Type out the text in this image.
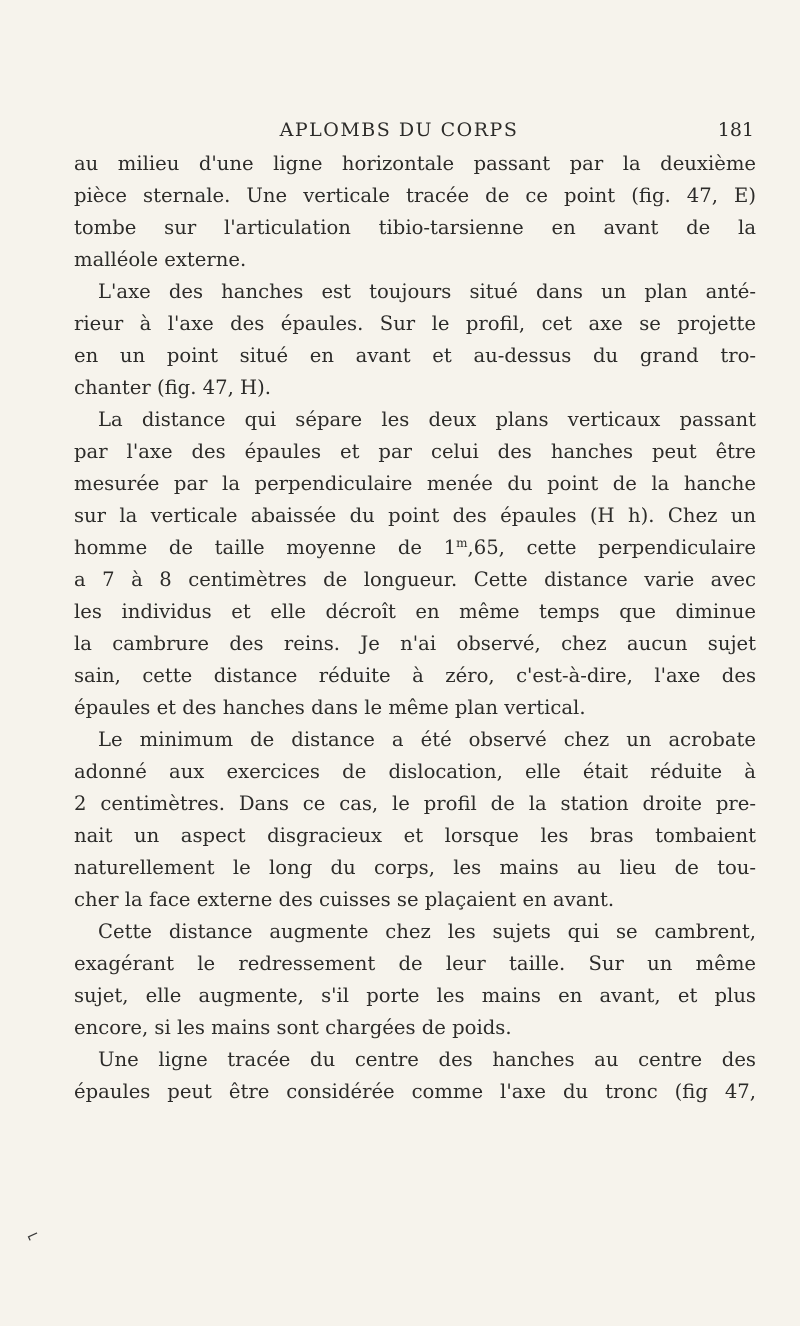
APLOMBS DU CORPS	181

au milieu d'une ligne horizontale passant par la deuxième
pièce sternale. Une verticale tracée de ce point (fig. 47, E)
tombe sur l'articulation tibio-tarsienne en avant de la
malléole externe.

L'axe des hanches est toujours situé dans un plan anté-
rieur à l'axe des épaules. Sur le profil, cet axe se projette
en un point situé en avant et au-dessus du grand tro-
chanter (fig. 47, H).

La distance qui sépare les deux plans verticaux passant
par l'axe des épaules et par celui des hanches peut être
mesurée par la perpendiculaire menée du point de la hanche
sur la verticale abaissée du point des épaules (H h). Chez un
homme de taille moyenne de 1$^m$,65, cette perpendiculaire
a 7 à 8 centimètres de longueur. Cette distance varie avec
les individus et elle décroît en même temps que diminue
la cambrure des reins. Je n'ai observé, chez aucun sujet
sain, cette distance réduite à zéro, c'est-à-dire, l'axe des
épaules et des hanches dans le même plan vertical.

Le minimum de distance a été observé chez un acrobate
adonné aux exercices de dislocation, elle était réduite à
2 centimètres. Dans ce cas, le profil de la station droite pre-
nait un aspect disgracieux et lorsque les bras tombaient
naturellement le long du corps, les mains au lieu de tou-
cher la face externe des cuisses se plaçaient en avant.

Cette distance augmente chez les sujets qui se cambrent,
exagérant le redressement de leur taille. Sur un même
sujet, elle augmente, s'il porte les mains en avant, et plus
encore, si les mains sont chargées de poids.

Une ligne tracée du centre des hanches au centre des
épaules peut être considérée comme l'axe du tronc (fig 47,

⌐
